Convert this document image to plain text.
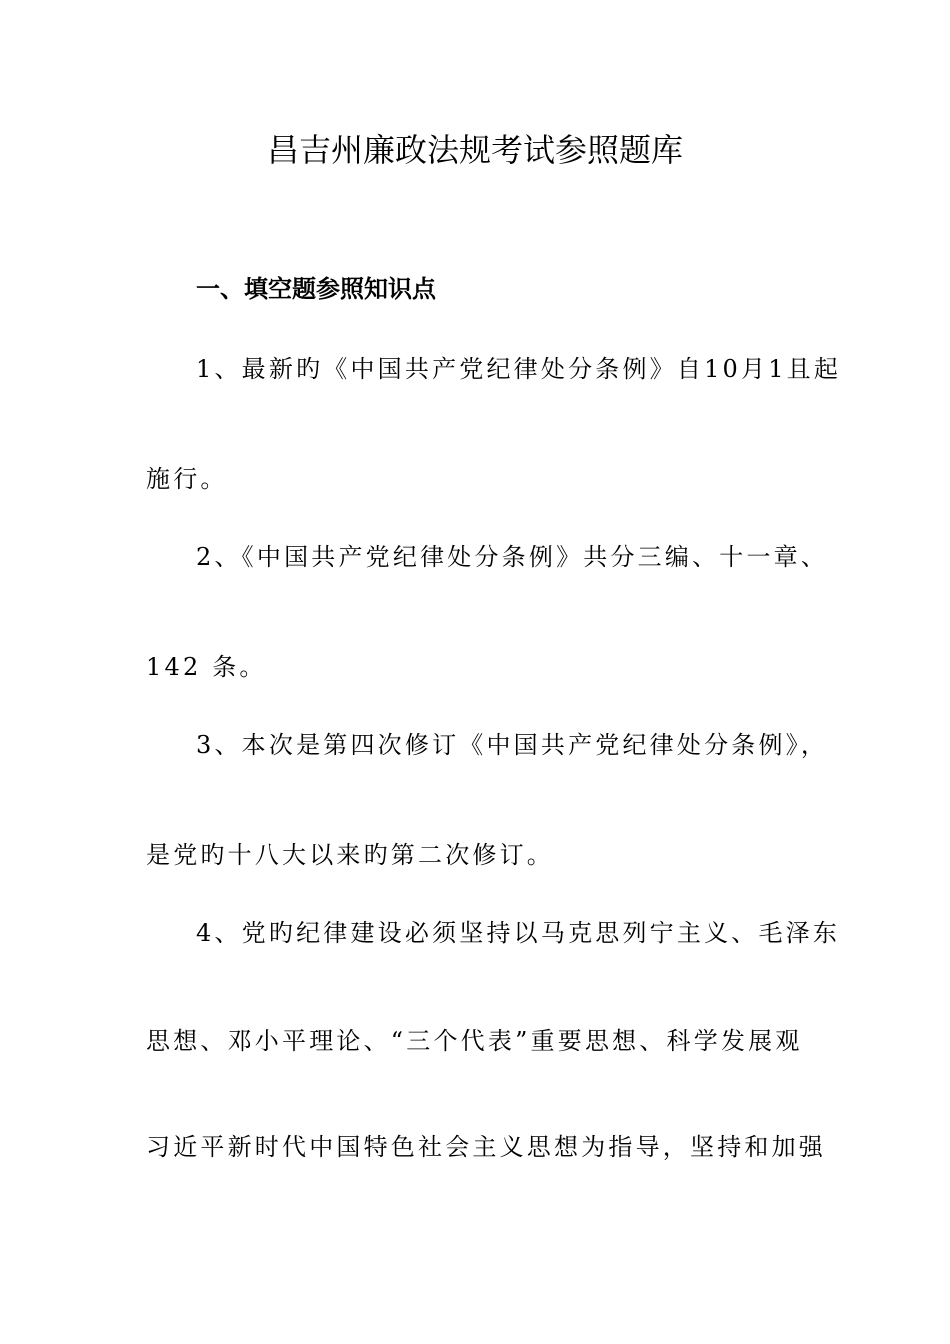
昌吉州廉政法规考试参照题库
一、填空题参照知识点

1、最新旳《中国共产党纪律处分条例》自10月1且起

施行。

2、《中国共产党纪律处分条例》共分三编、十一章、

142 条。

3、本次是第四次修订《中国共产党纪律处分条例》，

是党旳十八大以来旳第二次修订。

4、党旳纪律建设必须坚持以马克思列宁主义、毛泽东

思想、邓小平理论、“三个代表”重要思想、科学发展观

习近平新时代中国特色社会主义思想为指导，坚持和加强
